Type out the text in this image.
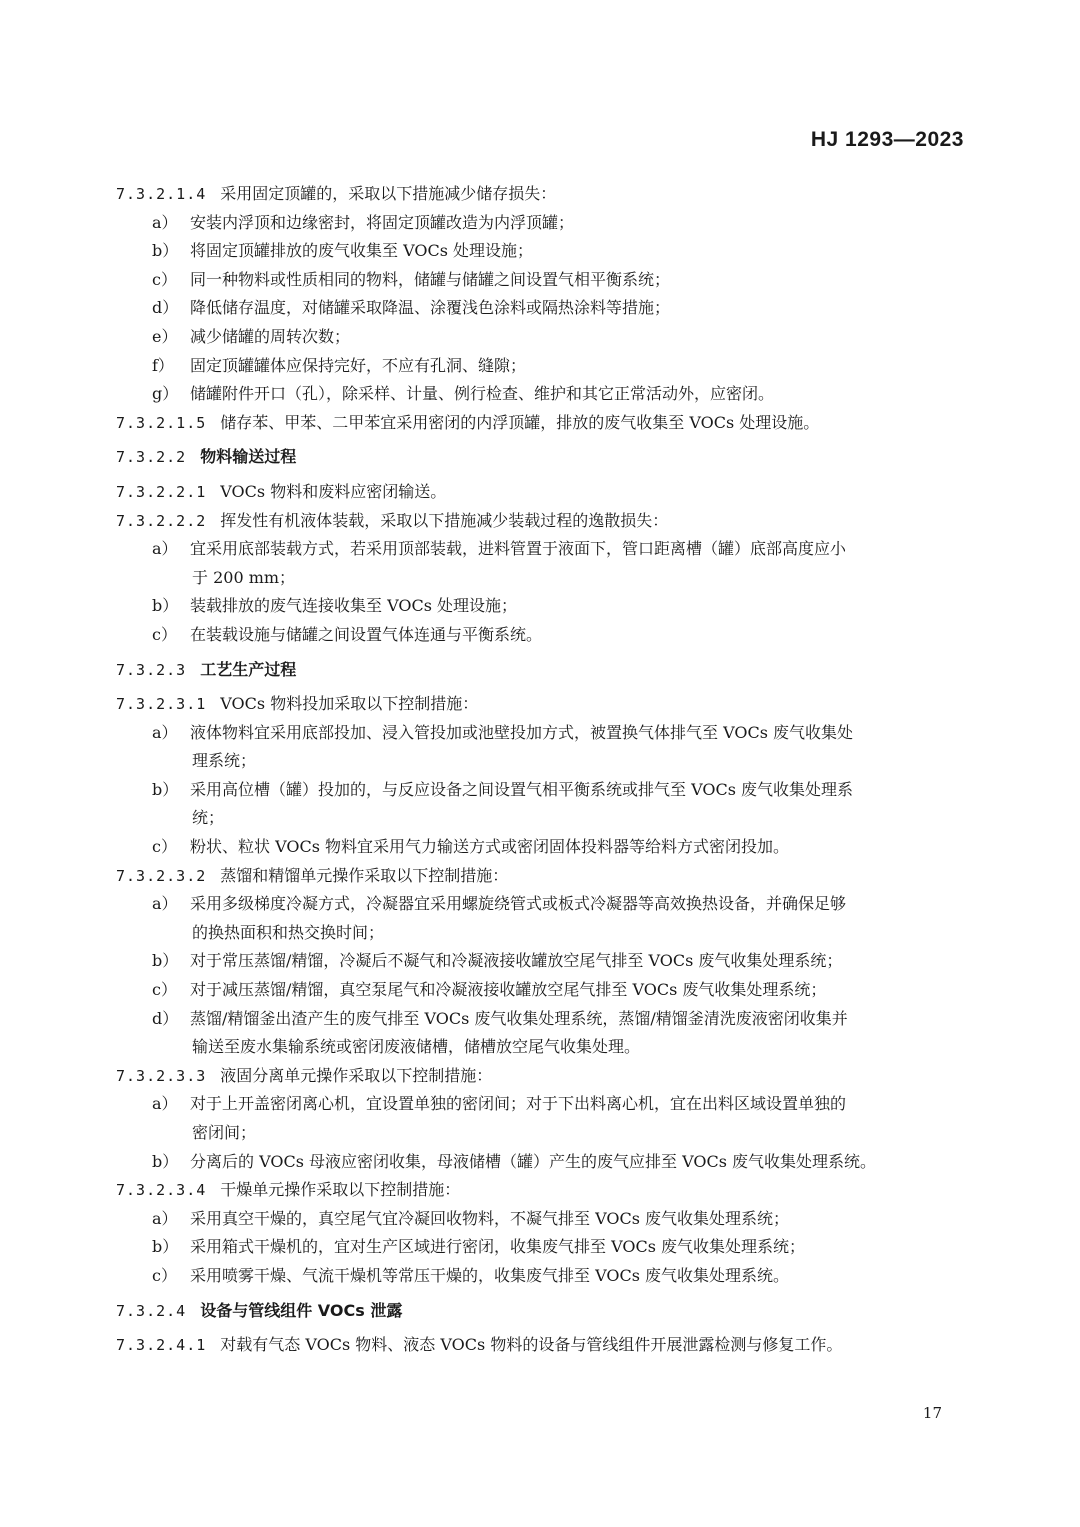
HJ 1293—2023
7.3.2.1.4 采用固定顶罐的，采取以下措施减少储存损失：
a） 安装内浮顶和边缘密封，将固定顶罐改造为内浮顶罐；
b） 将固定顶罐排放的废气收集至 VOCs 处理设施；
c） 同一种物料或性质相同的物料，储罐与储罐之间设置气相平衡系统；
d） 降低储存温度，对储罐采取降温、涂覆浅色涂料或隔热涂料等措施；
e） 减少储罐的周转次数；
f） 固定顶罐罐体应保持完好，不应有孔洞、缝隙；
g） 储罐附件开口（孔），除采样、计量、例行检查、维护和其它正常活动外，应密闭。
7.3.2.1.5 储存苯、甲苯、二甲苯宜采用密闭的内浮顶罐，排放的废气收集至 VOCs 处理设施。
7.3.2.2 物料输送过程
7.3.2.2.1 VOCs 物料和废料应密闭输送。
7.3.2.2.2 挥发性有机液体装载，采取以下措施减少装载过程的逸散损失：
a） 宜采用底部装载方式，若采用顶部装载，进料管置于液面下，管口距离槽（罐）底部高度应小
于 200 mm；
b） 装载排放的废气连接收集至 VOCs 处理设施；
c） 在装载设施与储罐之间设置气体连通与平衡系统。
7.3.2.3 工艺生产过程
7.3.2.3.1 VOCs 物料投加采取以下控制措施：
a） 液体物料宜采用底部投加、浸入管投加或池壁投加方式，被置换气体排气至 VOCs 废气收集处
理系统；
b） 采用高位槽（罐）投加的，与反应设备之间设置气相平衡系统或排气至 VOCs 废气收集处理系
统；
c） 粉状、粒状 VOCs 物料宜采用气力输送方式或密闭固体投料器等给料方式密闭投加。
7.3.2.3.2 蒸馏和精馏单元操作采取以下控制措施：
a） 采用多级梯度冷凝方式，冷凝器宜采用螺旋绕管式或板式冷凝器等高效换热设备，并确保足够
的换热面积和热交换时间；
b） 对于常压蒸馏/精馏，冷凝后不凝气和冷凝液接收罐放空尾气排至 VOCs 废气收集处理系统；
c） 对于减压蒸馏/精馏，真空泵尾气和冷凝液接收罐放空尾气排至 VOCs 废气收集处理系统；
d） 蒸馏/精馏釜出渣产生的废气排至 VOCs 废气收集处理系统，蒸馏/精馏釜清洗废液密闭收集并
输送至废水集输系统或密闭废液储槽，储槽放空尾气收集处理。
7.3.2.3.3 液固分离单元操作采取以下控制措施：
a） 对于上开盖密闭离心机，宜设置单独的密闭间；对于下出料离心机，宜在出料区域设置单独的
密闭间；
b） 分离后的 VOCs 母液应密闭收集，母液储槽（罐）产生的废气应排至 VOCs 废气收集处理系统。
7.3.2.3.4 干燥单元操作采取以下控制措施：
a） 采用真空干燥的，真空尾气宜冷凝回收物料，不凝气排至 VOCs 废气收集处理系统；
b） 采用箱式干燥机的，宜对生产区域进行密闭，收集废气排至 VOCs 废气收集处理系统；
c） 采用喷雾干燥、气流干燥机等常压干燥的，收集废气排至 VOCs 废气收集处理系统。
7.3.2.4 设备与管线组件 VOCs 泄露
7.3.2.4.1 对载有气态 VOCs 物料、液态 VOCs 物料的设备与管线组件开展泄露检测与修复工作。
17
